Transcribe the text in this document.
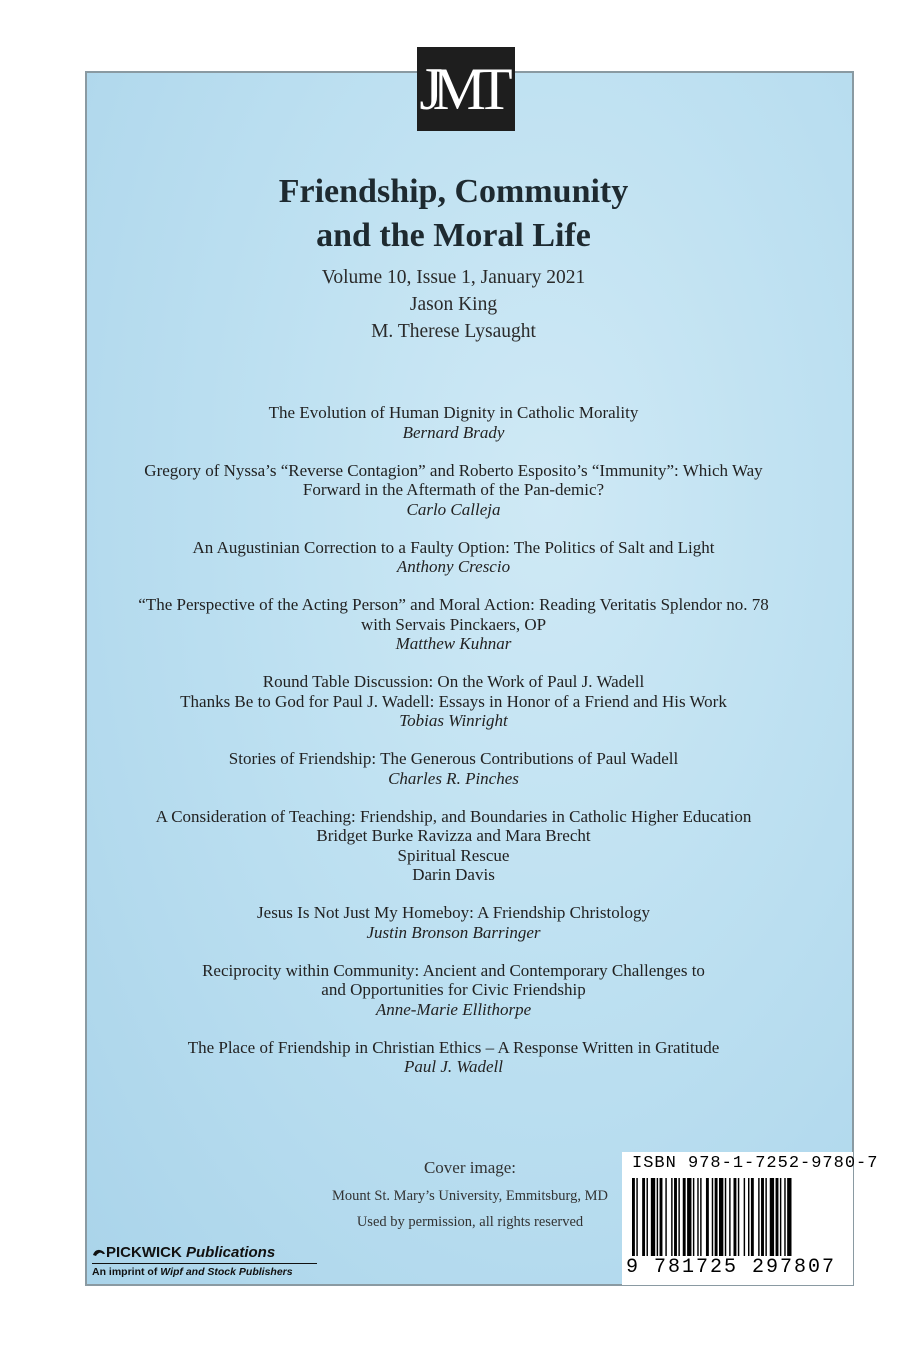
JMT
Friendship, Community
and the Moral Life
Volume 10, Issue 1, January 2021
Jason King
M. Therese Lysaught
The Evolution of Human Dignity in Catholic Morality
Bernard Brady
Gregory of Nyssa’s “Reverse Contagion” and Roberto Esposito’s “Immunity”: Which Way
Forward in the Aftermath of the Pan-demic?
Carlo Calleja
An Augustinian Correction to a Faulty Option: The Politics of Salt and Light
Anthony Crescio
“The Perspective of the Acting Person” and Moral Action: Reading Veritatis Splendor no. 78
with Servais Pinckaers, OP
Matthew Kuhnar
Round Table Discussion: On the Work of Paul J. Wadell
Thanks Be to God for Paul J. Wadell: Essays in Honor of a Friend and His Work
Tobias Winright
Stories of Friendship: The Generous Contributions of Paul Wadell
Charles R. Pinches
A Consideration of Teaching: Friendship, and Boundaries in Catholic Higher Education
Bridget Burke Ravizza and Mara Brecht
Spiritual Rescue
Darin Davis
Jesus Is Not Just My Homeboy: A Friendship Christology
Justin Bronson Barringer
Reciprocity within Community: Ancient and Contemporary Challenges to
and Opportunities for Civic Friendship
Anne-Marie Ellithorpe
The Place of Friendship in Christian Ethics – A Response Written in Gratitude
Paul J. Wadell
Cover image:
Mount St. Mary’s University, Emmitsburg, MD
Used by permission, all rights reserved
PICKWICK Publications
An imprint of Wipf and Stock Publishers
ISBN 978-1-7252-9780-7
9 781725 297807
